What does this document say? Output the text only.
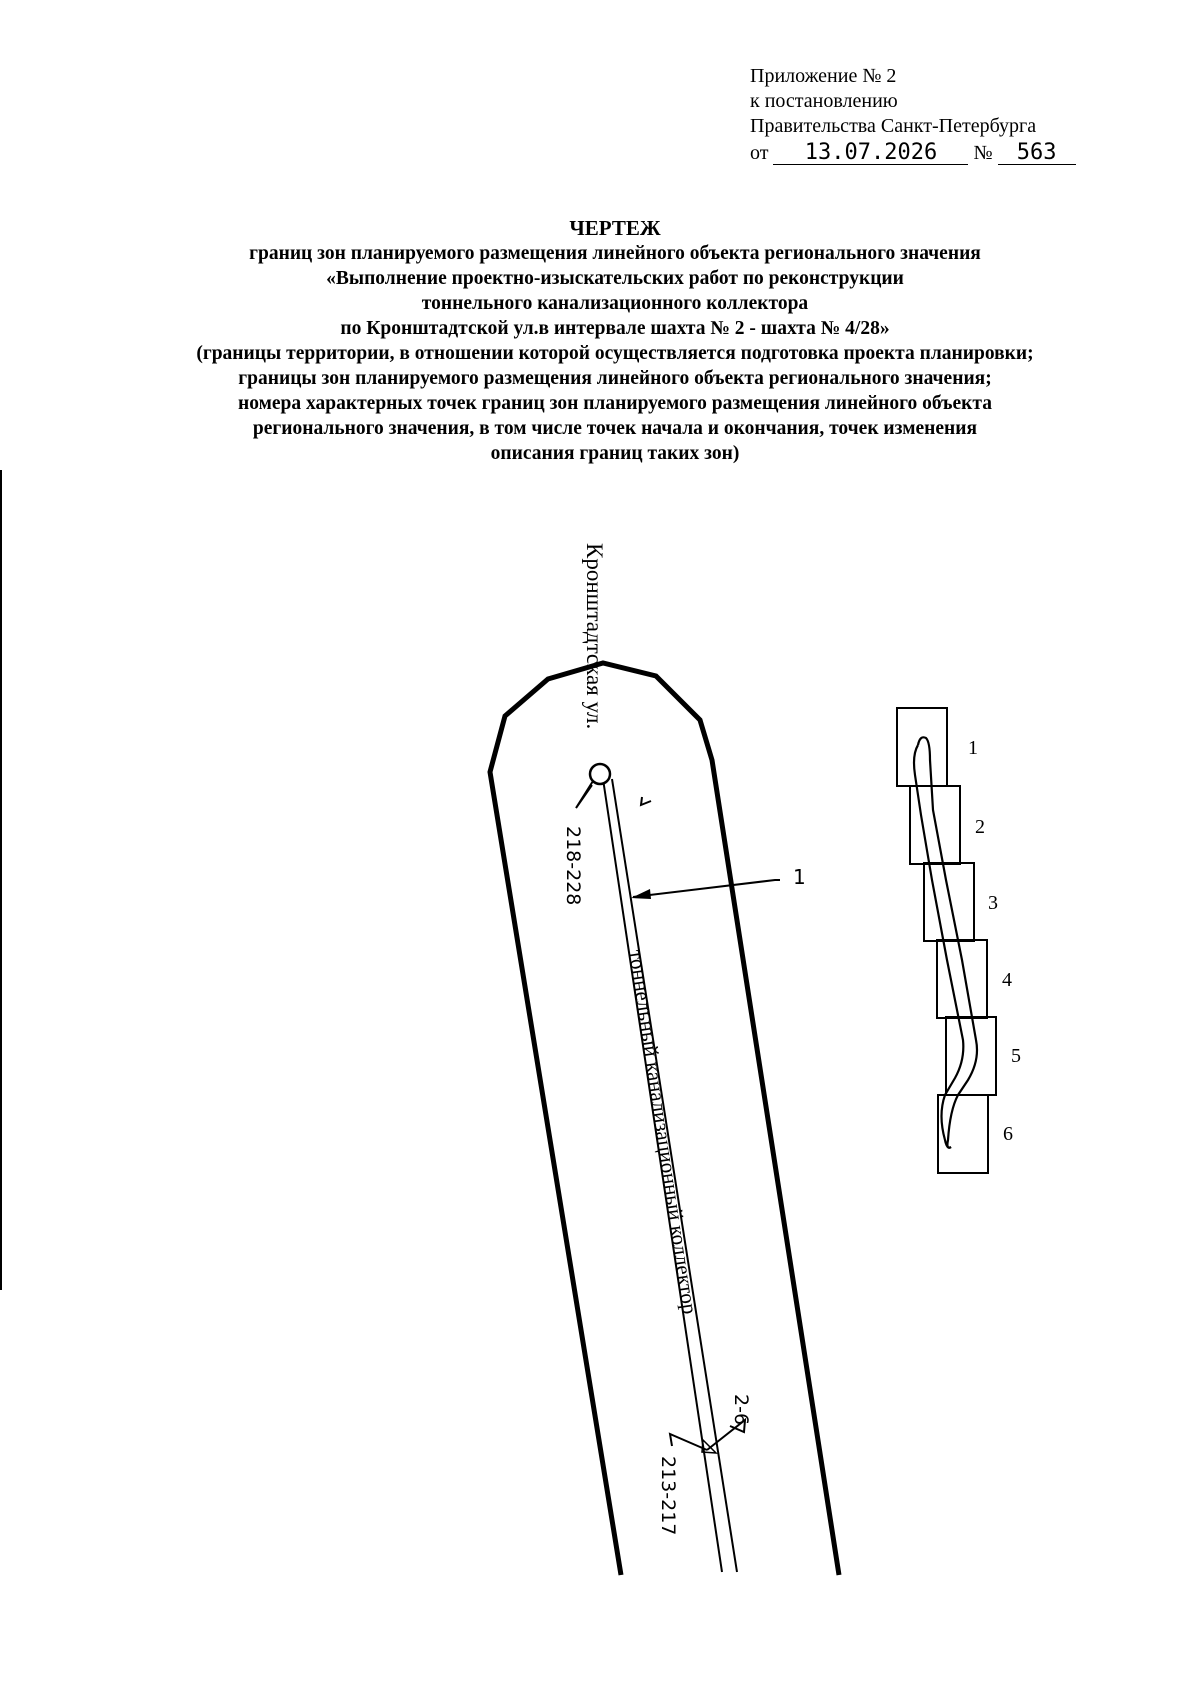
Приложение № 2
к постановлению
Правительства Санкт-Петербурга
от 13.07.2026 № 563
ЧЕРТЕЖ
границ зон планируемого размещения линейного объекта регионального значения
«Выполнение проектно-изыскательских работ по реконструкции
тоннельного канализационного коллектора
по Кронштадтской ул.в интервале шахта № 2 - шахта № 4/28»
(границы территории, в отношении которой осуществляется подготовка проекта планировки;
границы зон планируемого размещения линейного объекта регионального значения;
номера характерных точек границ зон планируемого размещения линейного объекта
регионального значения, в том числе точек начала и окончания, точек изменения
описания границ таких зон)
218-228	1
Кронштадтская ул.
тоннельный канализационный коллектор
2-6
213-217
1
2
3
4
5
6
